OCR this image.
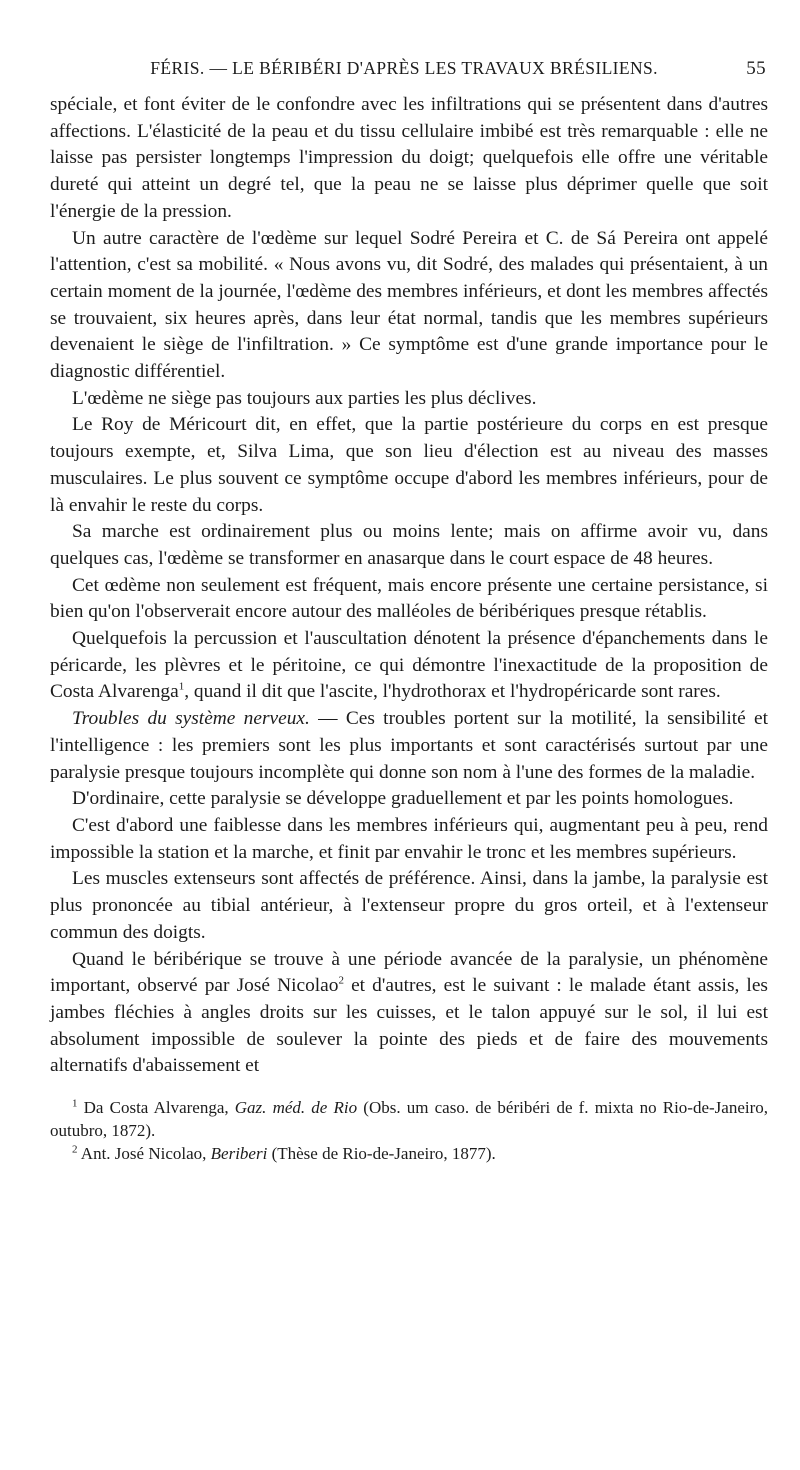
FÉRIS. — LE BÉRIBÉRI D'APRÈS LES TRAVAUX BRÉSILIENS.	55

spéciale, et font éviter de le confondre avec les infiltrations qui se présentent dans d'autres affections. L'élasticité de la peau et du tissu cellulaire imbibé est très remarquable : elle ne laisse pas persister longtemps l'impression du doigt; quelquefois elle offre une véritable dureté qui atteint un degré tel, que la peau ne se laisse plus déprimer quelle que soit l'énergie de la pression.

Un autre caractère de l'œdème sur lequel Sodré Pereira et C. de Sá Pereira ont appelé l'attention, c'est sa mobilité. « Nous avons vu, dit Sodré, des malades qui présentaient, à un certain moment de la journée, l'œdème des membres inférieurs, et dont les membres affectés se trouvaient, six heures après, dans leur état normal, tandis que les membres supérieurs devenaient le siège de l'infiltration. » Ce symptôme est d'une grande importance pour le diagnostic différentiel.

L'œdème ne siège pas toujours aux parties les plus déclives.

Le Roy de Méricourt dit, en effet, que la partie postérieure du corps en est presque toujours exempte, et, Silva Lima, que son lieu d'élection est au niveau des masses musculaires. Le plus souvent ce symptôme occupe d'abord les membres inférieurs, pour de là envahir le reste du corps.

Sa marche est ordinairement plus ou moins lente; mais on affirme avoir vu, dans quelques cas, l'œdème se transformer en anasarque dans le court espace de 48 heures.

Cet œdème non seulement est fréquent, mais encore présente une certaine persistance, si bien qu'on l'observerait encore autour des malléoles de béribériques presque rétablis.

Quelquefois la percussion et l'auscultation dénotent la présence d'épanchements dans le péricarde, les plèvres et le péritoine, ce qui démontre l'inexactitude de la proposition de Costa Alvarenga$^1$, quand il dit que l'ascite, l'hydrothorax et l'hydropéricarde sont rares.

Troubles du système nerveux. — Ces troubles portent sur la motilité, la sensibilité et l'intelligence : les premiers sont les plus importants et sont caractérisés surtout par une paralysie presque toujours incomplète qui donne son nom à l'une des formes de la maladie.

D'ordinaire, cette paralysie se développe graduellement et par les points homologues.

C'est d'abord une faiblesse dans les membres inférieurs qui, augmentant peu à peu, rend impossible la station et la marche, et finit par envahir le tronc et les membres supérieurs.

Les muscles extenseurs sont affectés de préférence. Ainsi, dans la jambe, la paralysie est plus prononcée au tibial antérieur, à l'extenseur propre du gros orteil, et à l'extenseur commun des doigts.

Quand le béribérique se trouve à une période avancée de la paralysie, un phénomène important, observé par José Nicolao$^2$ et d'autres, est le suivant : le malade étant assis, les jambes fléchies à angles droits sur les cuisses, et le talon appuyé sur le sol, il lui est absolument impossible de soulever la pointe des pieds et de faire des mouvements alternatifs d'abaissement et

$^1$ Da Costa Alvarenga, Gaz. méd. de Rio (Obs. um caso. de béribéri de f. mixta no Rio-de-Janeiro, outubro, 1872).

$^2$ Ant. José Nicolao, Beriberi (Thèse de Rio-de-Janeiro, 1877).
